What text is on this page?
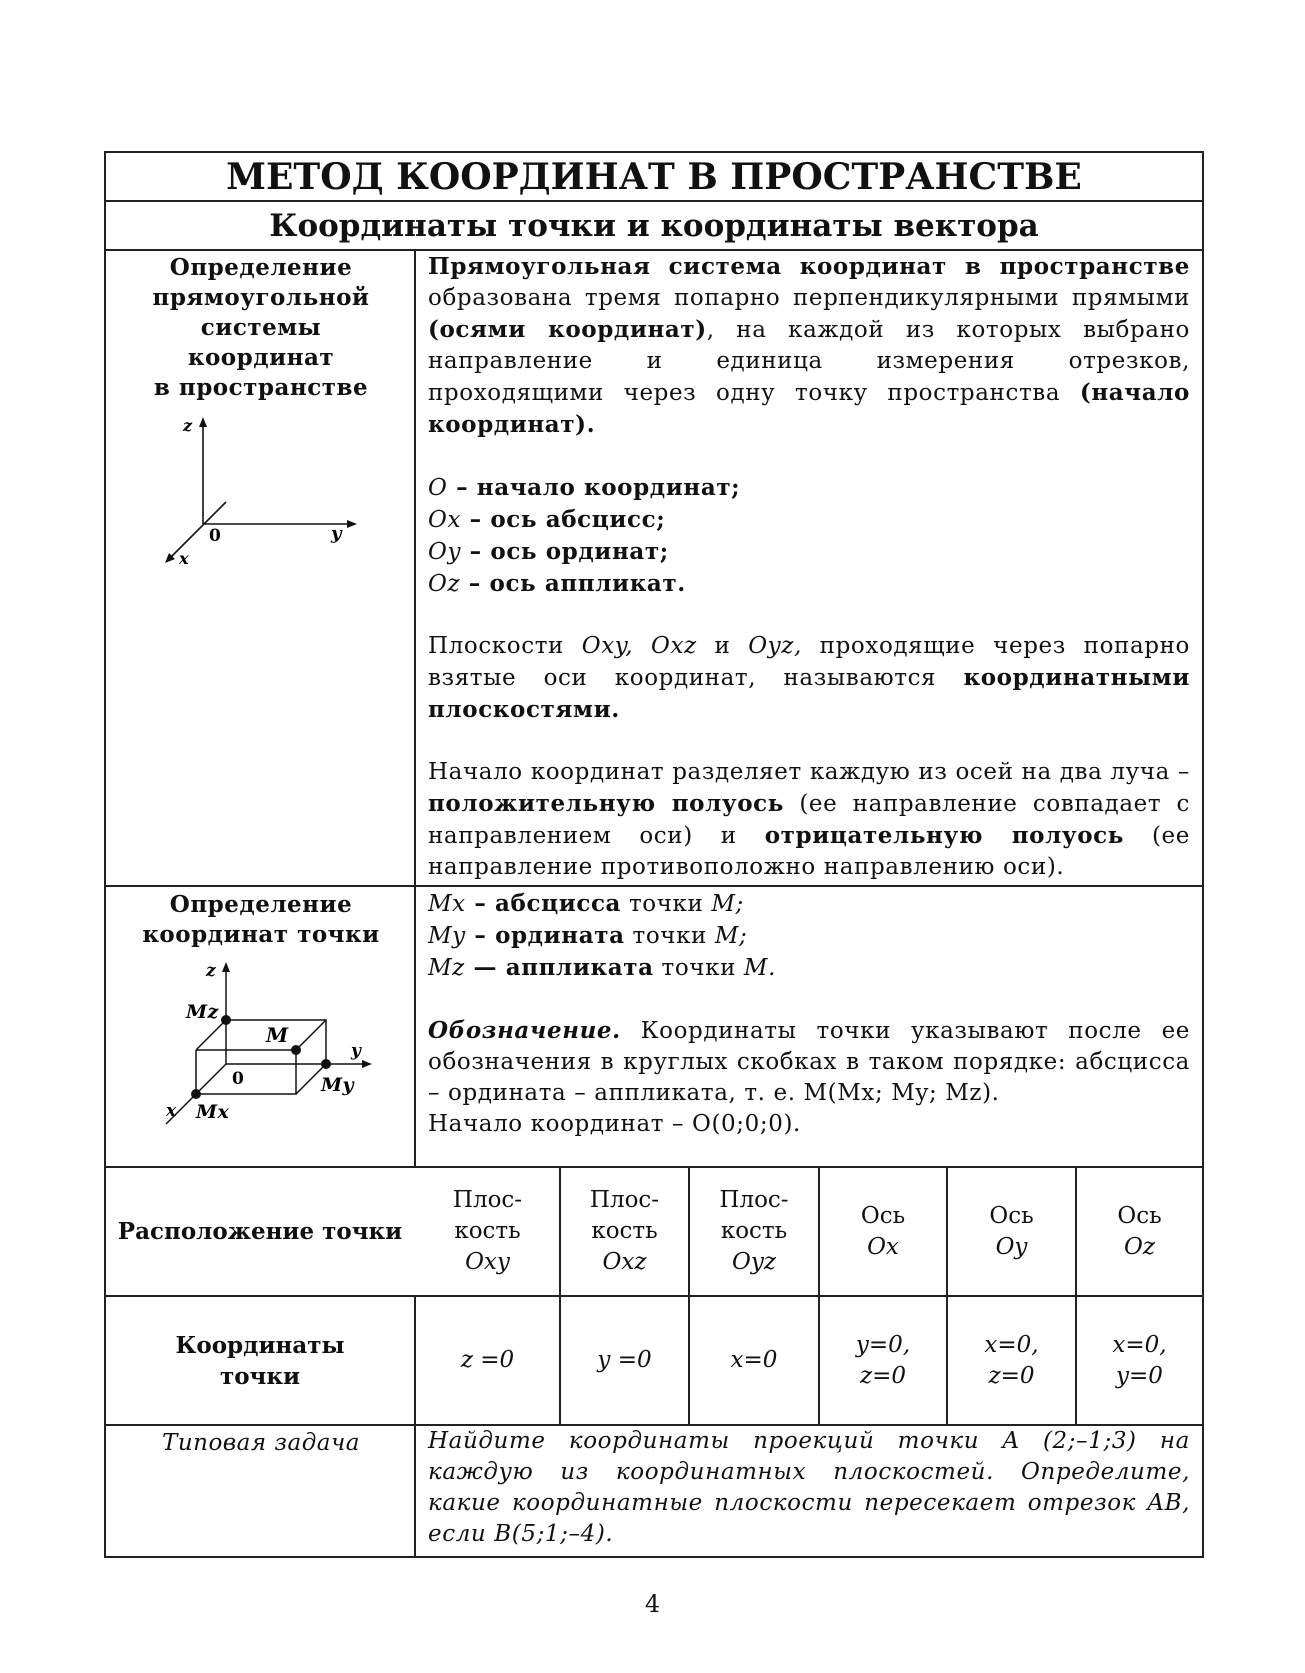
МЕТОД КООРДИНАТ В ПРОСТРАНСТВЕ
Координаты точки и координаты вектора
Определение
прямоугольной
системы
координат
в пространстве
z
y
x
0

Прямоугольная система координат в пространстве образована тремя попарно перпендикулярными прямыми (осями координат), на каждой из которых выбрано направление и единица измерения отрезков, проходящими через одну точку пространства (начало координат).

O – начало координат;
Ox – ось абсцисс;
Oy – ось ординат;
Oz – ось аппликат.

Плоскости Oxy, Oxz и Oyz, проходящие через попарно взятые оси координат, называются координатными плоскостями.

Начало координат разделяет каждую из осей на два луча – положительную полуось (ее направление совпадает с направлением оси) и отрицательную полуось (ее направление противоположно направлению оси).

Определение
координат точки
z
y
x
0
M
Mz
My
Mx

Mx – абсцисса точки M;
My – ордината точки M;
Mz — аппликата точки M.

Обозначение. Координаты точки указывают после ее обозначения в круглых скобках в таком порядке: абсцисса – ордината – аппликата, т. е. M(Mx; My; Mz).
Начало координат – O(0;0;0).

Расположение точки
Координаты
точки
Плос-
кость
Oxy
z =0
Плос-
кость
Oxz
y =0
Плос-
кость
Oyz
x=0
Ось
Ox
y=0,
z=0
Ось
Oy
x=0,
z=0
Ось
Oz
x=0,
y=0
Типовая задача	Найдите координаты проекций точки A (2;–1;3) на каждую из координатных плоскостей. Определите, какие координатные плоскости пересекает отрезок AB, если B(5;1;–4).
4
